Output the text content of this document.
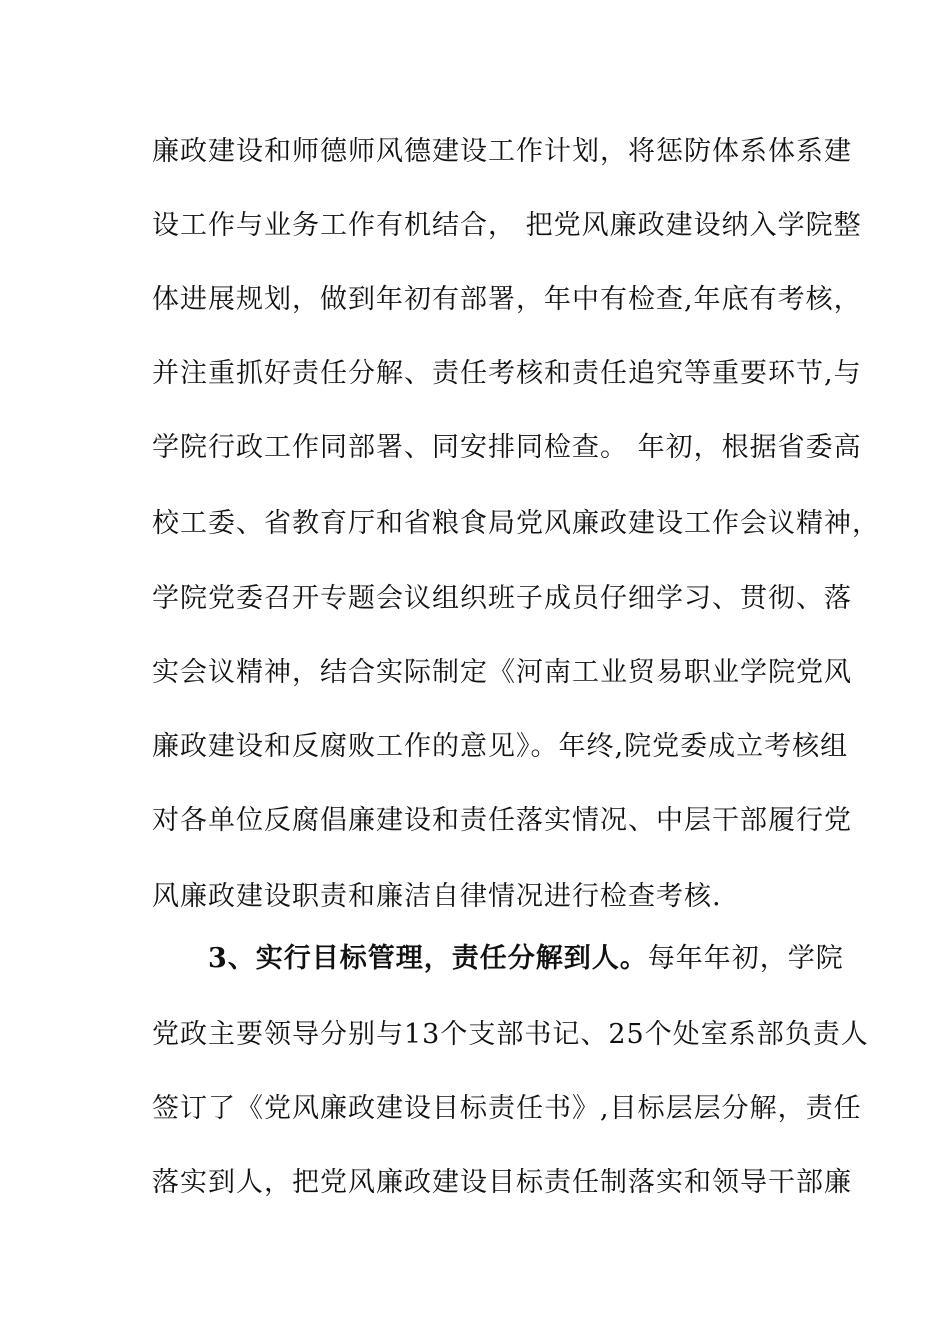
廉政建设和师德师风德建设工作计划，将惩防体系体系建
设工作与业务工作有机结合， 把党风廉政建设纳入学院整
体进展规划，做到年初有部署，年中有检查,年底有考核，
并注重抓好责任分解、责任考核和责任追究等重要环节,与
学院行政工作同部署、同安排同检查。 年初，根据省委高
校工委、省教育厅和省粮食局党风廉政建设工作会议精神，
学院党委召开专题会议组织班子成员仔细学习、贯彻、落
实会议精神，结合实际制定《河南工业贸易职业学院党风
廉政建设和反腐败工作的意见》。年终,院党委成立考核组
对各单位反腐倡廉建设和责任落实情况、中层干部履行党
风廉政建设职责和廉洁自律情况进行检查考核.
3、实行目标管理，责任分解到人。每年年初，学院
党政主要领导分别与13个支部书记、25个处室系部负责人
签订了《党风廉政建设目标责任书》,目标层层分解，责任
落实到人，把党风廉政建设目标责任制落实和领导干部廉
